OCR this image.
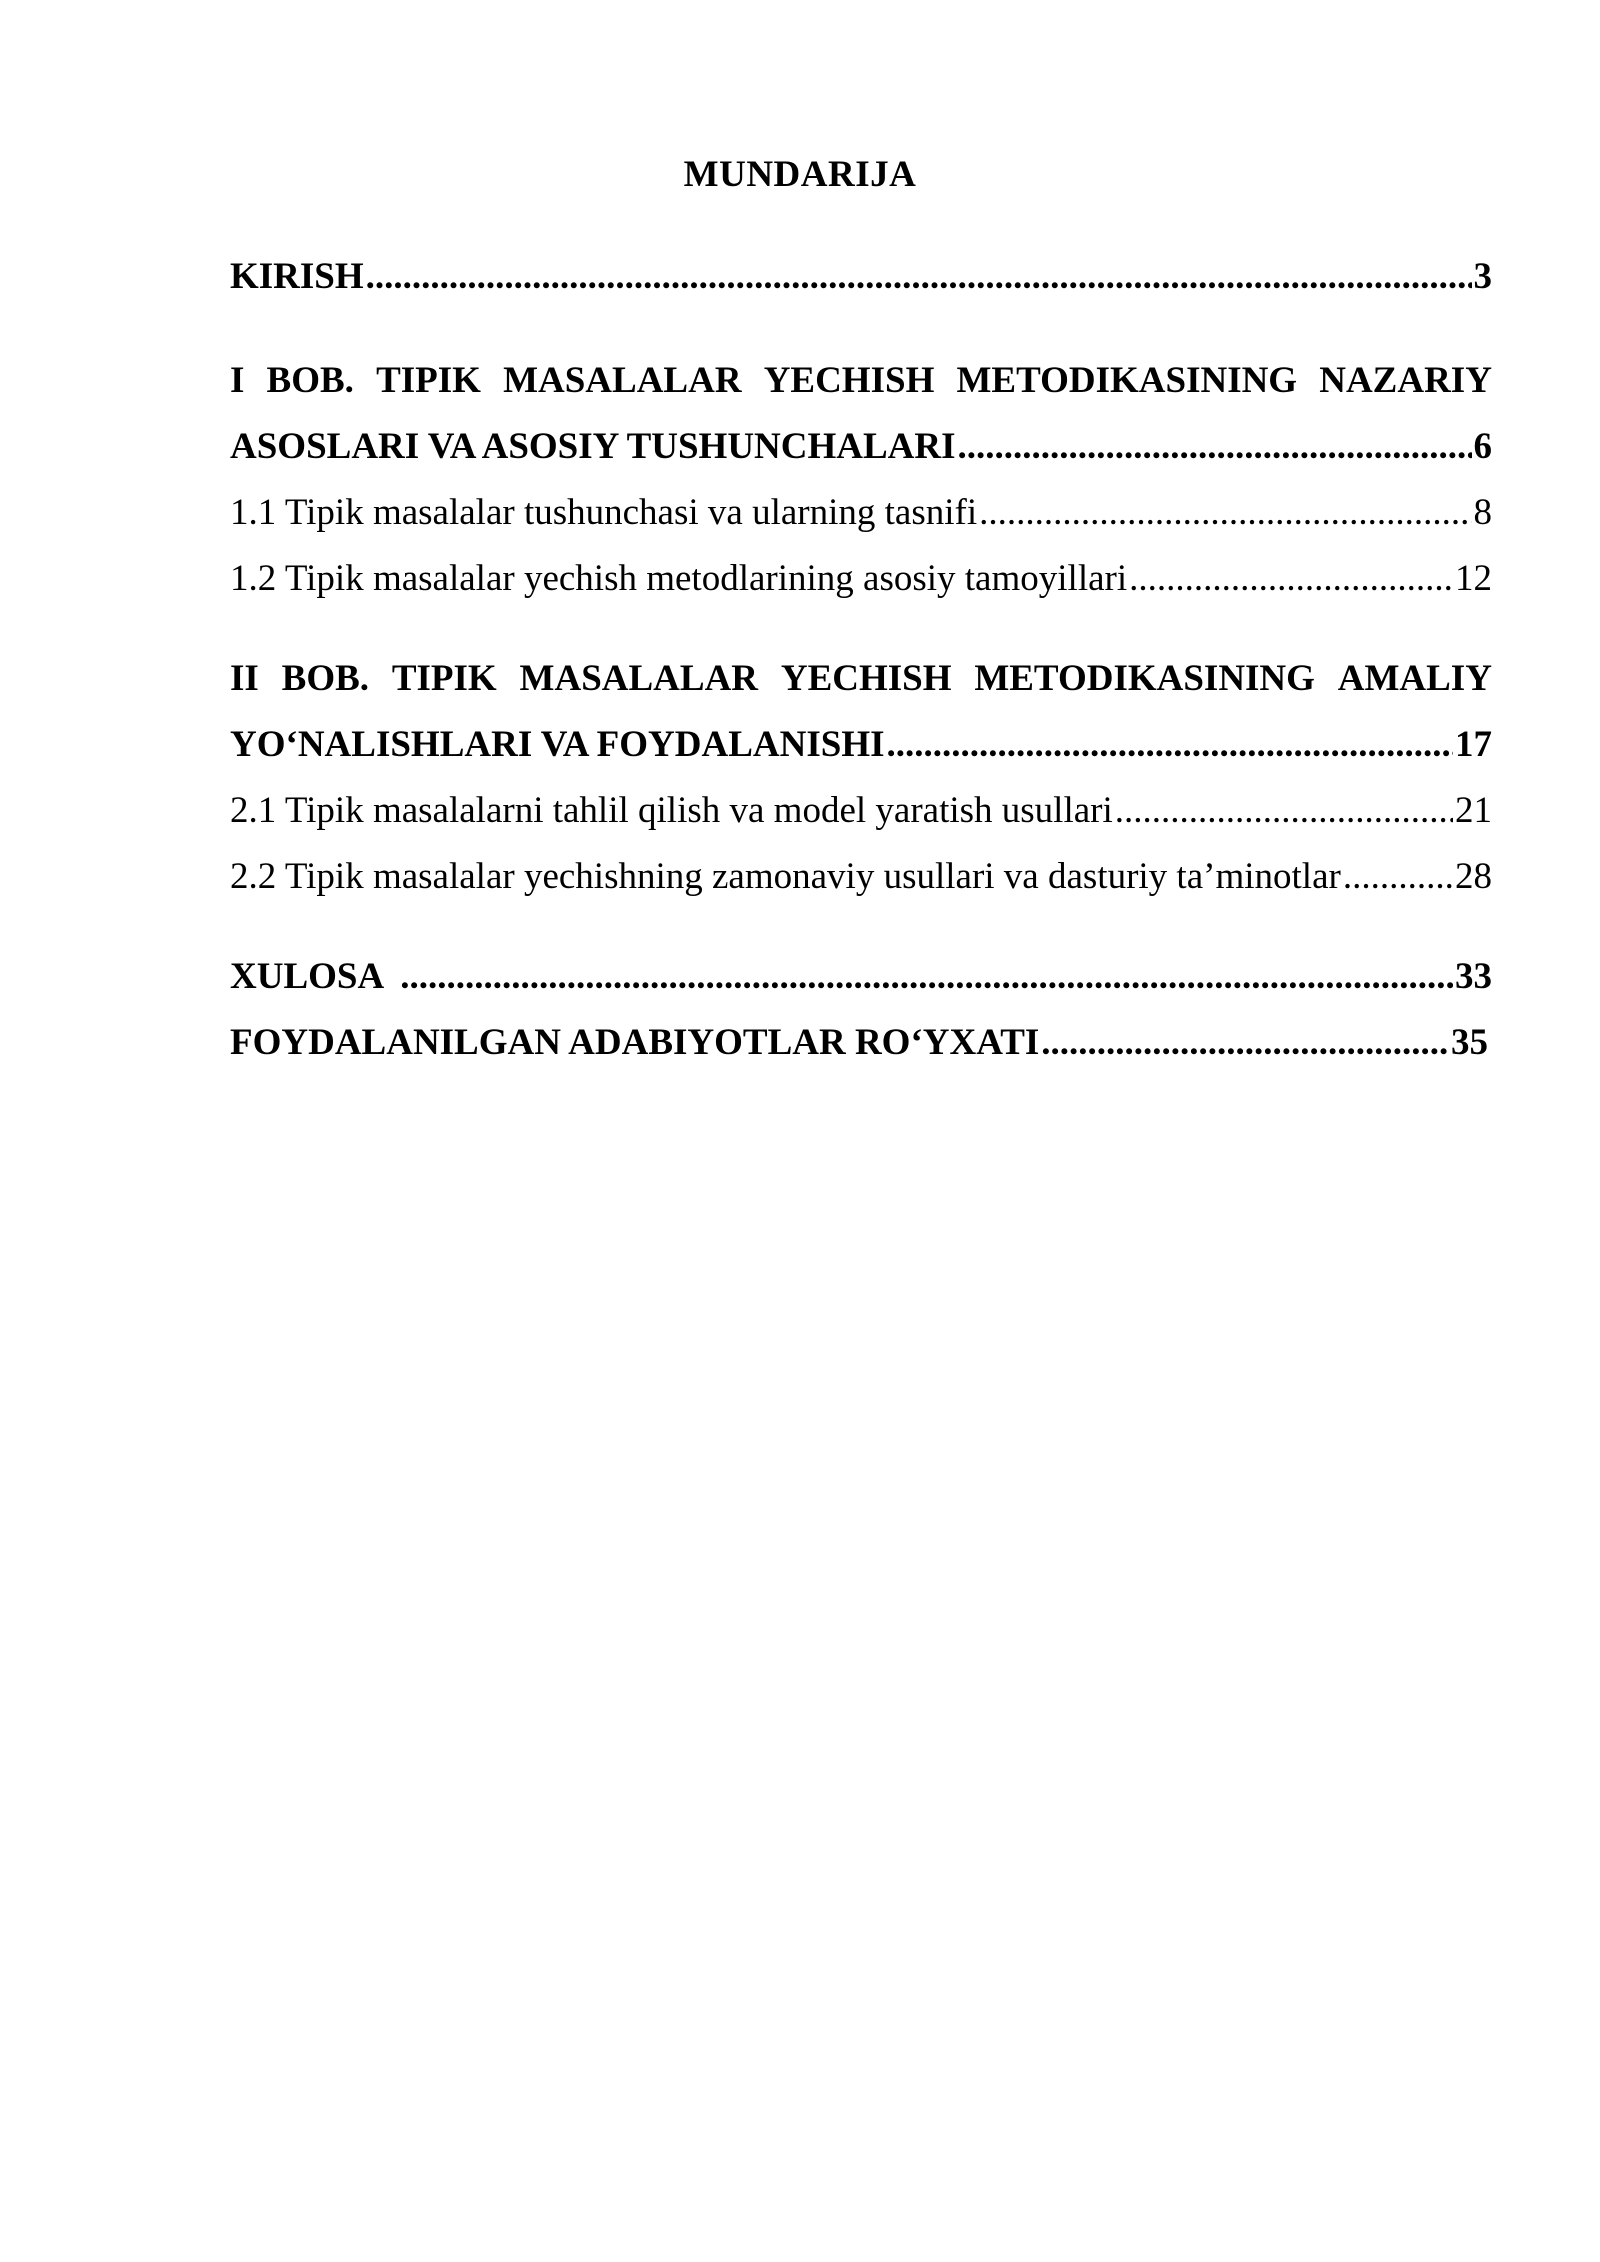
MUNDARIJA
KIRISH .....	3
I BOB. TIPIK MASALALAR YECHISH METODIKASINING NAZARIY
ASOSLARI VA ASOSIY TUSHUNCHALARI .....	6
1.1 Tipik masalalar tushunchasi va ularning tasnifi .....	8
1.2 Tipik masalalar yechish metodlarining asosiy tamoyillari .....	12
II BOB. TIPIK MASALALAR YECHISH METODIKASINING AMALIY
YO‘NALISHLARI VA FOYDALANISHI .....	17
2.1 Tipik masalalarni tahlil qilish va model yaratish usullari .....	21
2.2 Tipik masalalar yechishning zamonaviy usullari va dasturiy ta’minotlar .....	28
XULOSA .....	33
FOYDALANILGAN ADABIYOTLAR RO‘YXATI .....	35
